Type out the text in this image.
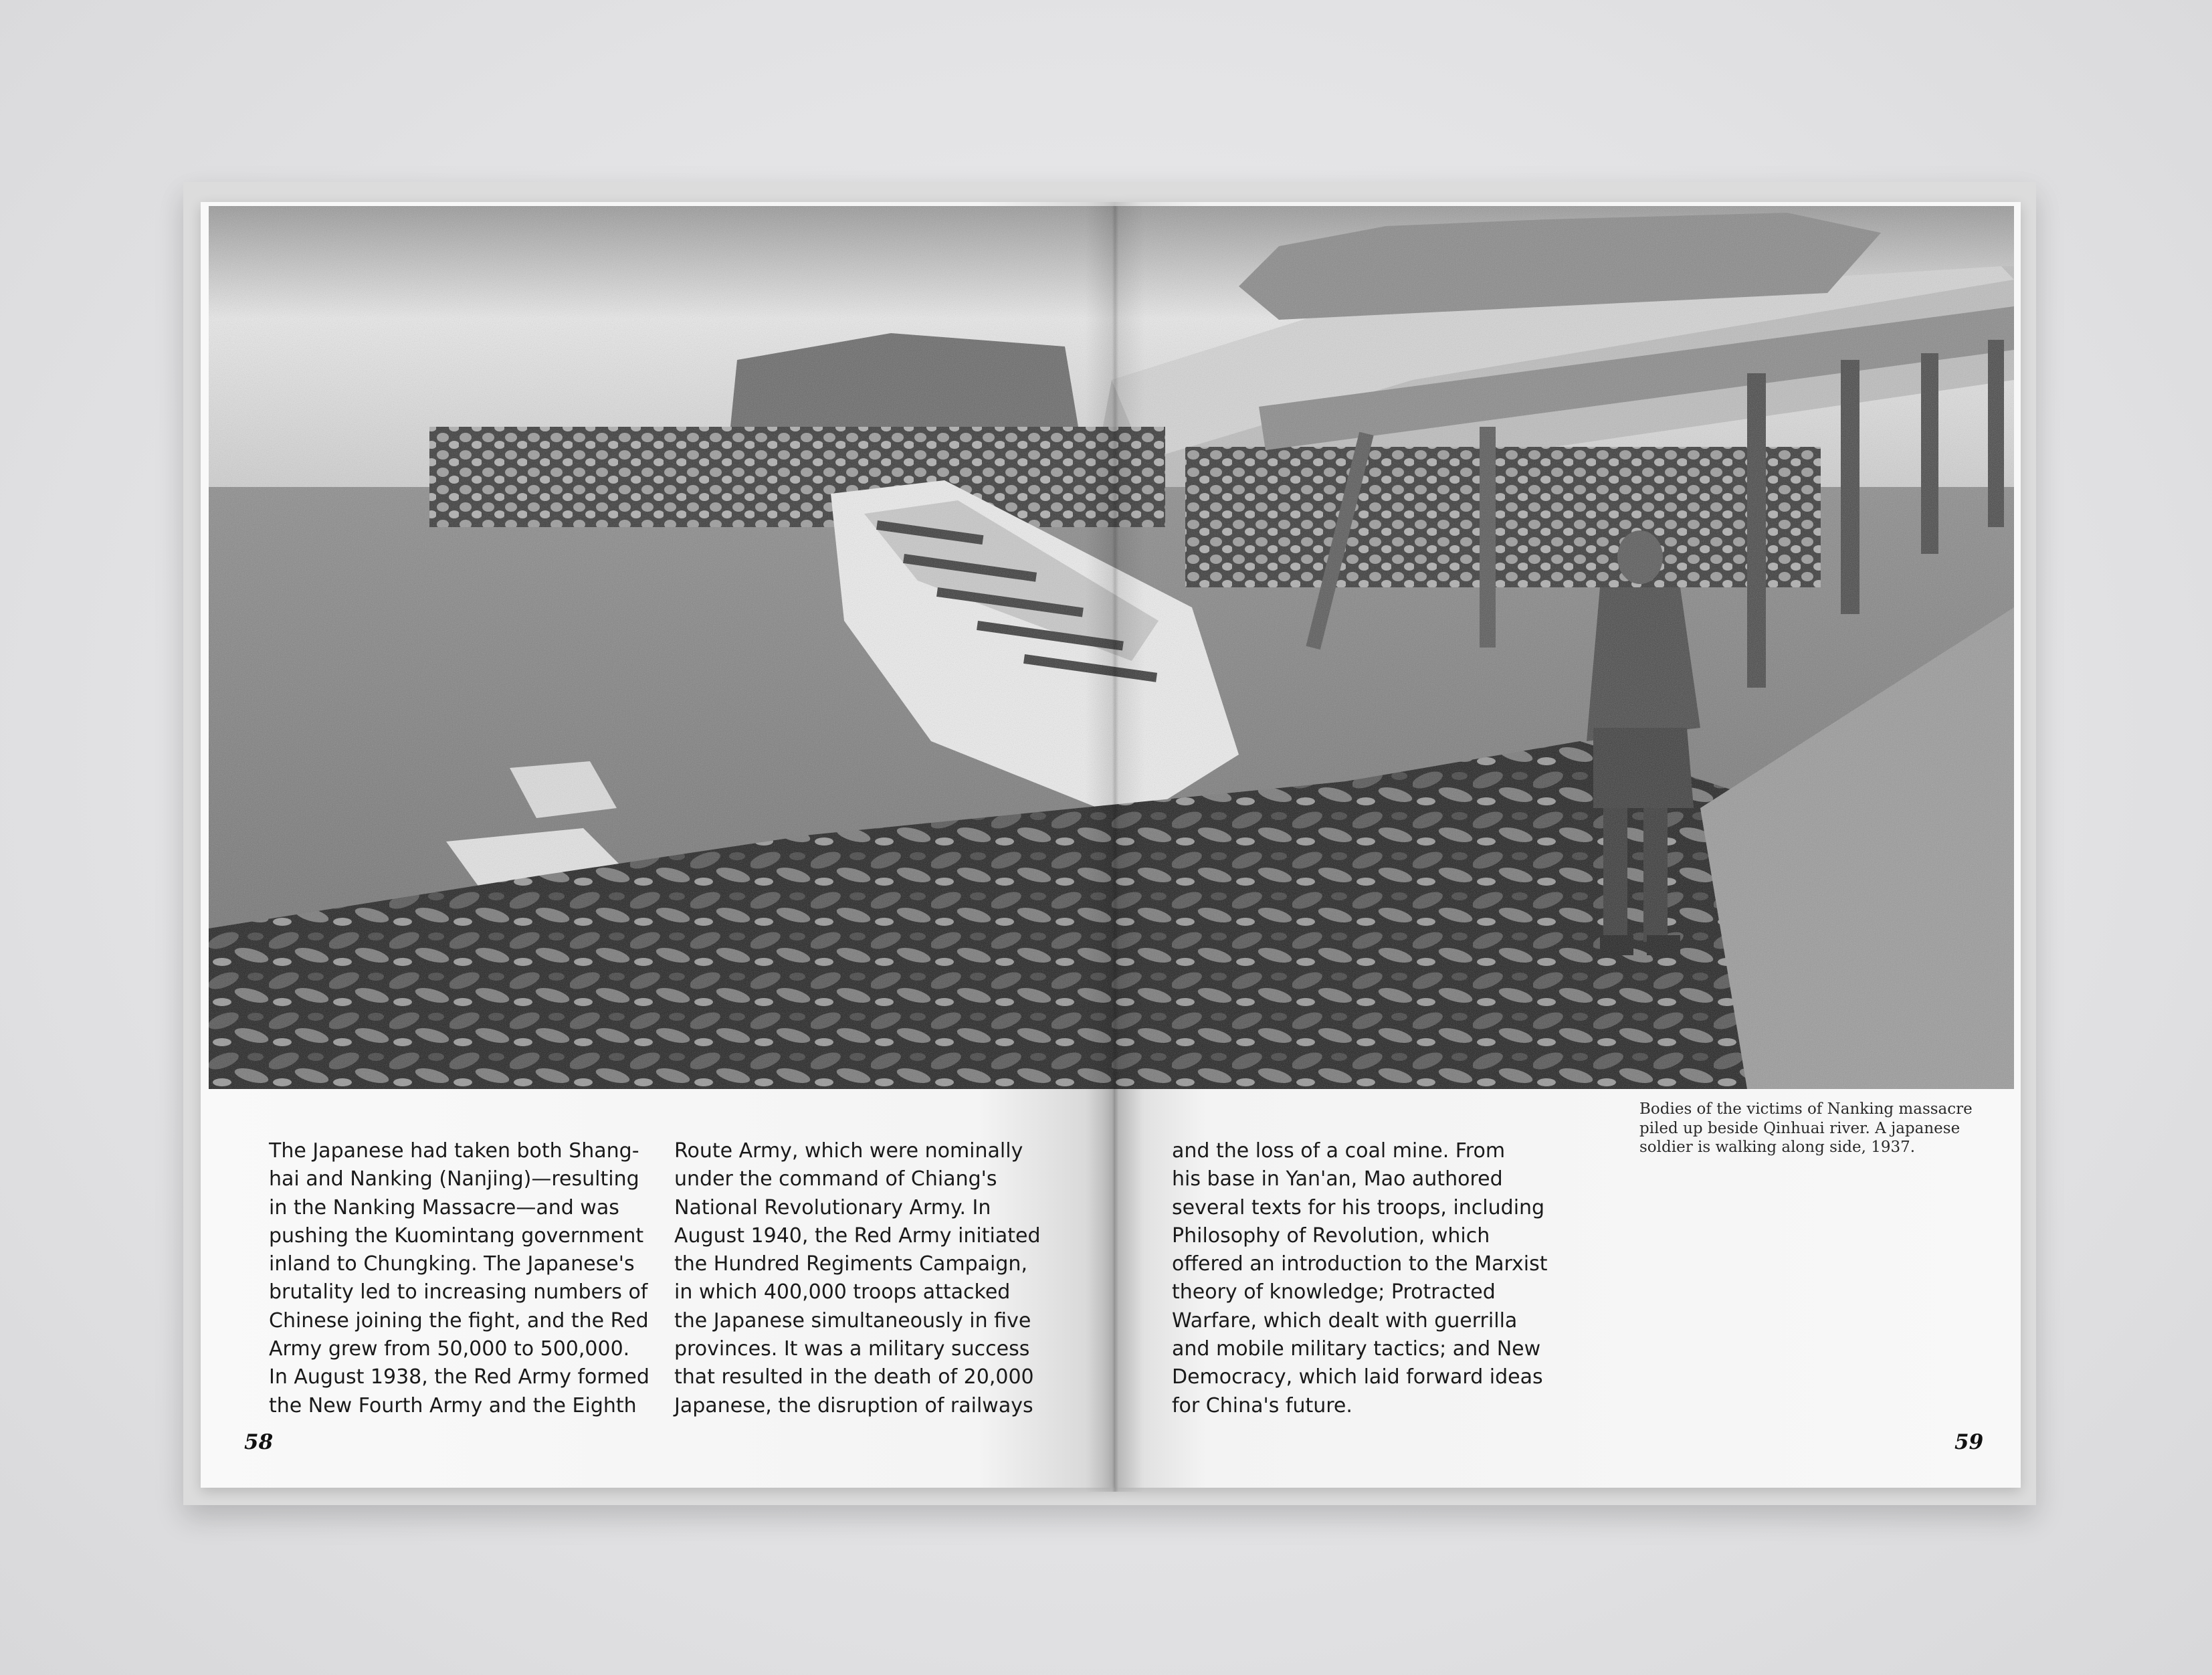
Bodies of the victims of Nanking massacre
piled up beside Qinhuai river. A japanese
soldier is walking along side, 1937.
The Japanese had taken both Shang-
hai and Nanking (Nanjing)—resulting
in the Nanking Massacre—and was
pushing the Kuomintang government
inland to Chungking. The Japanese's
brutality led to increasing numbers of
Chinese joining the fight, and the Red
Army grew from 50,000 to 500,000.
In August 1938, the Red Army formed
the New Fourth Army and the Eighth
Route Army, which were nominally
under the command of Chiang's
National Revolutionary Army. In
August 1940, the Red Army initiated
the Hundred Regiments Campaign,
in which 400,000 troops attacked
the Japanese simultaneously in five
provinces. It was a military success
that resulted in the death of 20,000
Japanese, the disruption of railways
and the loss of a coal mine. From
his base in Yan'an, Mao authored
several texts for his troops, including
Philosophy of Revolution, which
offered an introduction to the Marxist
theory of knowledge; Protracted
Warfare, which dealt with guerrilla
and mobile military tactics; and New
Democracy, which laid forward ideas
for China's future.
58	59
